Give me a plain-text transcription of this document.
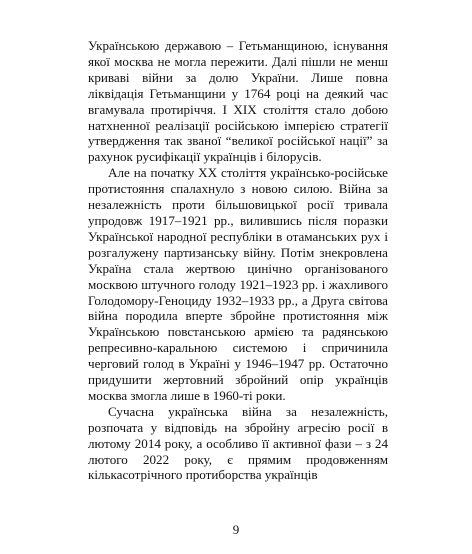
Українською державою – Гетьманщиною, існування якої москва не могла пережити. Далі пішли не менш криваві війни за долю України. Лише повна ліквідація Гетьманщини у 1764 році на деякий час вгамувала протиріччя. І XIX століття стало добою натхненної реалізації російською імперією стратегії утвердження так званої “великої російської нації” за рахунок русифікації українців і білорусів.

Але на початку XX століття українсько-російське протистояння спалахнуло з новою силою. Війна за незалежність проти більшовицької росії тривала упродовж 1917–1921 рр., вилившись після поразки Української народної республіки в отаманських рух і розгалужену партизанську війну. Потім знекровлена Україна стала жертвою цинічно організованого москвою штучного голоду 1921–1923 рр. і жахливого Голодомору-Геноциду 1932–1933 рр., а Друга світова війна породила вперте збройне протистояння між Українською повстанською армією та радянською репресивно-каральною системою і спричинила черговий голод в Україні у 1946–1947 рр. Остаточно придушити жертовний збройний опір українців москва змогла лише в 1960-ті роки.

Сучасна українська війна за незалежність, розпочата у відповідь на збройну агресію росії в лютому 2014 року, а особливо її активної фази – з 24 лютого 2022 року, є прямим продовженням кількасотрічного протиборства українців

9
